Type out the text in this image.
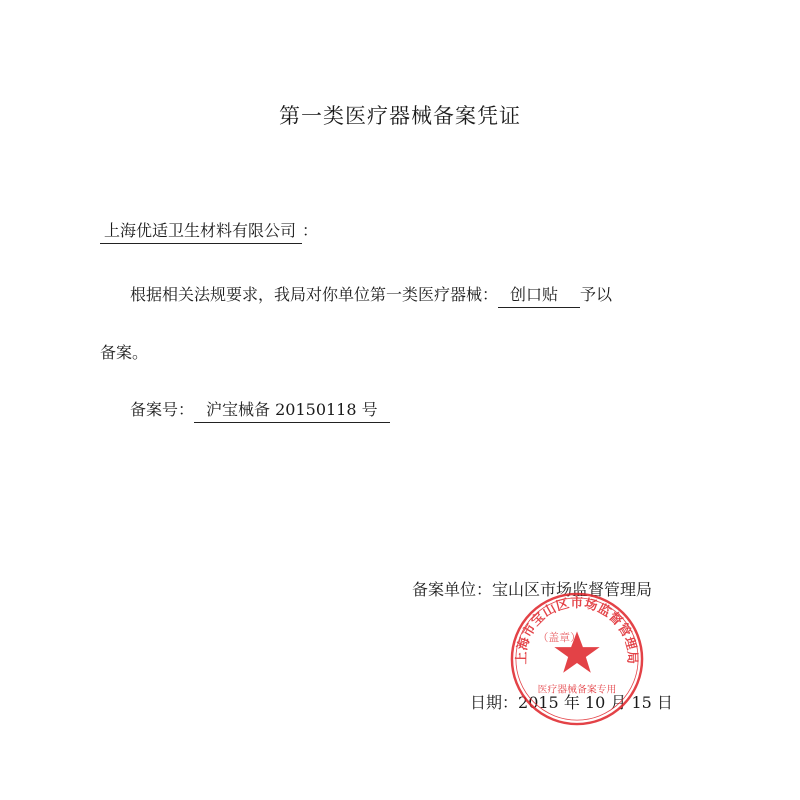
第一类医疗器械备案凭证
上海优适卫生材料有限公司 ：
根据相关法规要求，我局对你单位第一类医疗器械： 创口贴 予以
备案。
备案号： 沪宝械备 20150118 号
备案单位：宝山区市场监督管理局
日期：2015 年 10 月 15 日
上海市宝山区市场监督管理局
（盖章）
医疗器械备案专用
